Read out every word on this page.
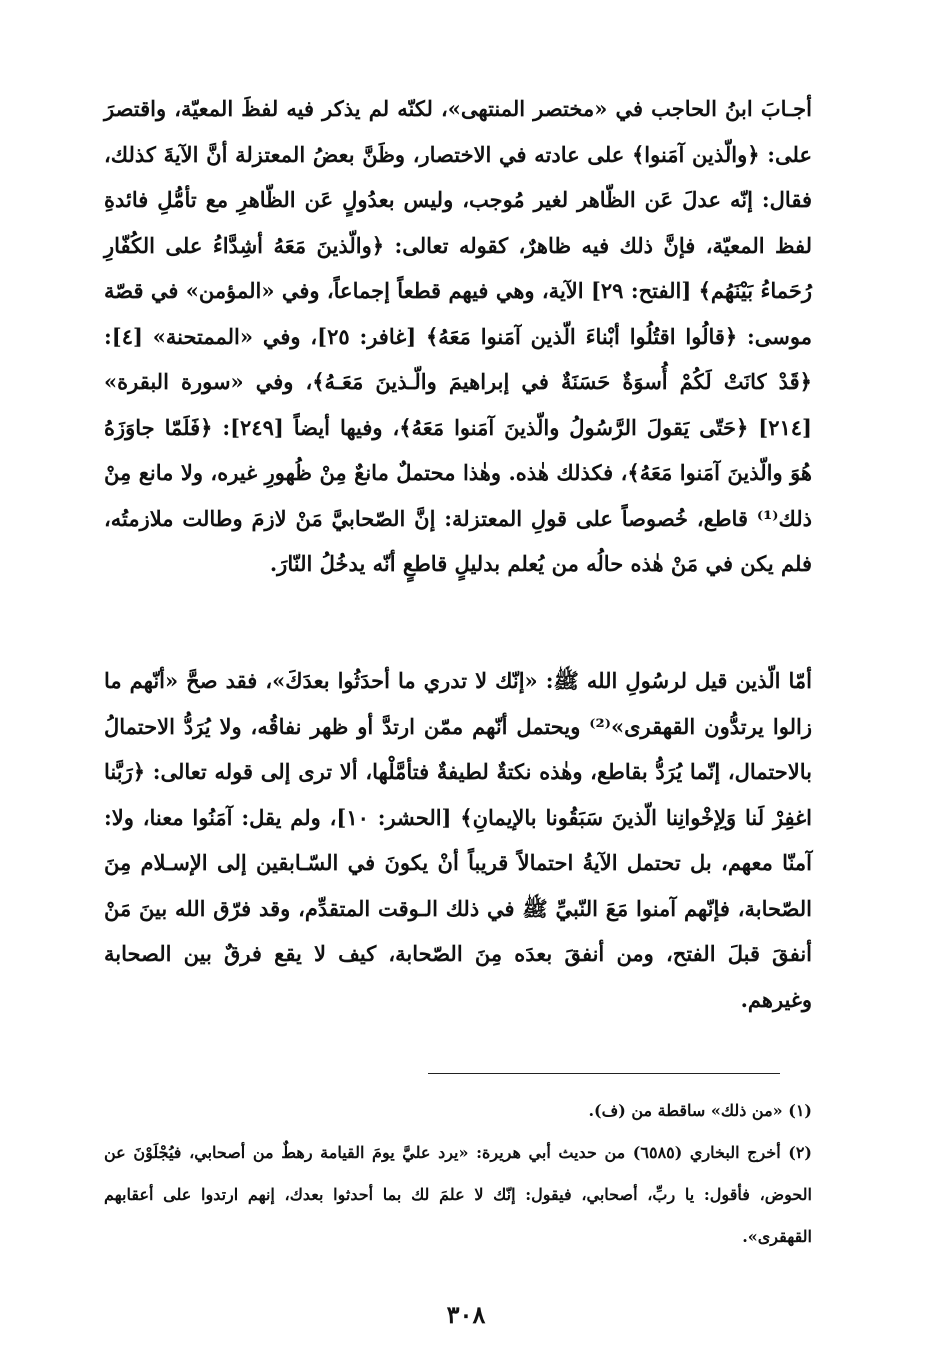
أجـابَ ابنُ الحاجب في «مختصر المنتهى»، لكنّه لم يذكر فيه لفظَ المعيّة، واقتصرَ على: ﴿والّذين آمَنوا﴾ على عادته في الاختصار، وظَنَّ بعضُ المعتزلة أنَّ الآيةَ كذلك، فقال: إنّه عدلَ عَن الظّاهر لغير مُوجب، وليس بعدُولٍ عَن الظّاهرِ مع تأمُّلِ فائدةِ لفظ المعيّة، فإنَّ ذلك فيه ظاهرٌ، كقوله تعالى: ﴿والّذينَ مَعَهُ أشِدَّاءُ على الكُفّارِ رُحَماءُ بَيْنَهُم﴾ [الفتح: ٢٩] الآية، وهي فيهم قطعاً إجماعاً، وفي «المؤمن» في قصّة موسى: ﴿قالُوا اقتُلُوا أبْناءَ الّذين آمَنوا مَعَهُ﴾ [غافر: ٢٥]، وفي «الممتحنة» [٤]: ﴿قَدْ كانَتْ لَكُمْ أُسوَةٌ حَسَنَةٌ في إبراهيمَ والّـذينَ مَعَـهُ﴾، وفي «سورة البقرة» [٢١٤] ﴿حَتّى يَقولَ الرَّسُولُ والّذينَ آمَنوا مَعَهُ﴾، وفيها أيضاً [٢٤٩]: ﴿فَلَمّا جاوَزَهُ هُوَ والّذينَ آمَنوا مَعَهُ﴾، فكذلك هٰذه. وهٰذا محتملٌ مانعٌ مِنْ ظُهورِ غيره، ولا مانع مِنْ ذلك⁽¹⁾ قاطع، خُصوصاً على قولِ المعتزلة: إنَّ الصّحابيَّ مَنْ لازمَ وطالت ملازمتُه، فلم يكن في مَنْ هٰذه حالُه من يُعلم بدليلٍ قاطعٍ أنّه يدخُلُ النّارَ.

أمّا الّذين قيل لرسُولِ الله ﷺ: «إنّك لا تدري ما أحدَثُوا بعدَكَ»، فقد صحَّ «أنّهم ما زالوا يرتدُّون القهقرى»⁽²⁾ ويحتمل أنّهم ممّن ارتدَّ أو ظهر نفاقُه، ولا يُرَدُّ الاحتمالُ بالاحتمال، إنّما يُرَدُّ بقاطع، وهٰذه نكتةٌ لطيفةٌ فتأمَّلْها، ألا ترى إلى قوله تعالى: ﴿رَبَّنا اغفِرْ لَنا وَلِإخْوانِنا الّذينَ سَبَقُونا بالإيمانِ﴾ [الحشر: ١٠]، ولم يقل: آمَنُوا معنا، ولا: آمنّا معهم، بل تحتمل الآيةُ احتمالاً قريباً أنْ يكونَ في السّـابقين إلى الإسـلام مِنَ الصّحابة، فإنّهم آمنوا مَعَ النّبيِّ ﷺ في ذلك الـوقت المتقدِّم، وقد فرّق الله بينَ مَنْ أنفقَ قبلَ الفتح، ومن أنفقَ بعدَه مِنَ الصّحابة، كيف لا يقع فرقٌ بين الصحابة وغيرهم.

(١) «من ذلك» ساقطة من (ف).

(٢) أخرج البخاري (٦٥٨٥) من حديث أبي هريرة: «يرد عليَّ يومَ القيامة رهطٌ من أصحابي، فيُجْلَوْنَ عن الحوض، فأقول: يا ربِّ، أصحابي، فيقول: إنّك لا علمَ لك بما أحدثوا بعدك، إنهم ارتدوا على أعقابهم القهقرى».

٣٠٨
